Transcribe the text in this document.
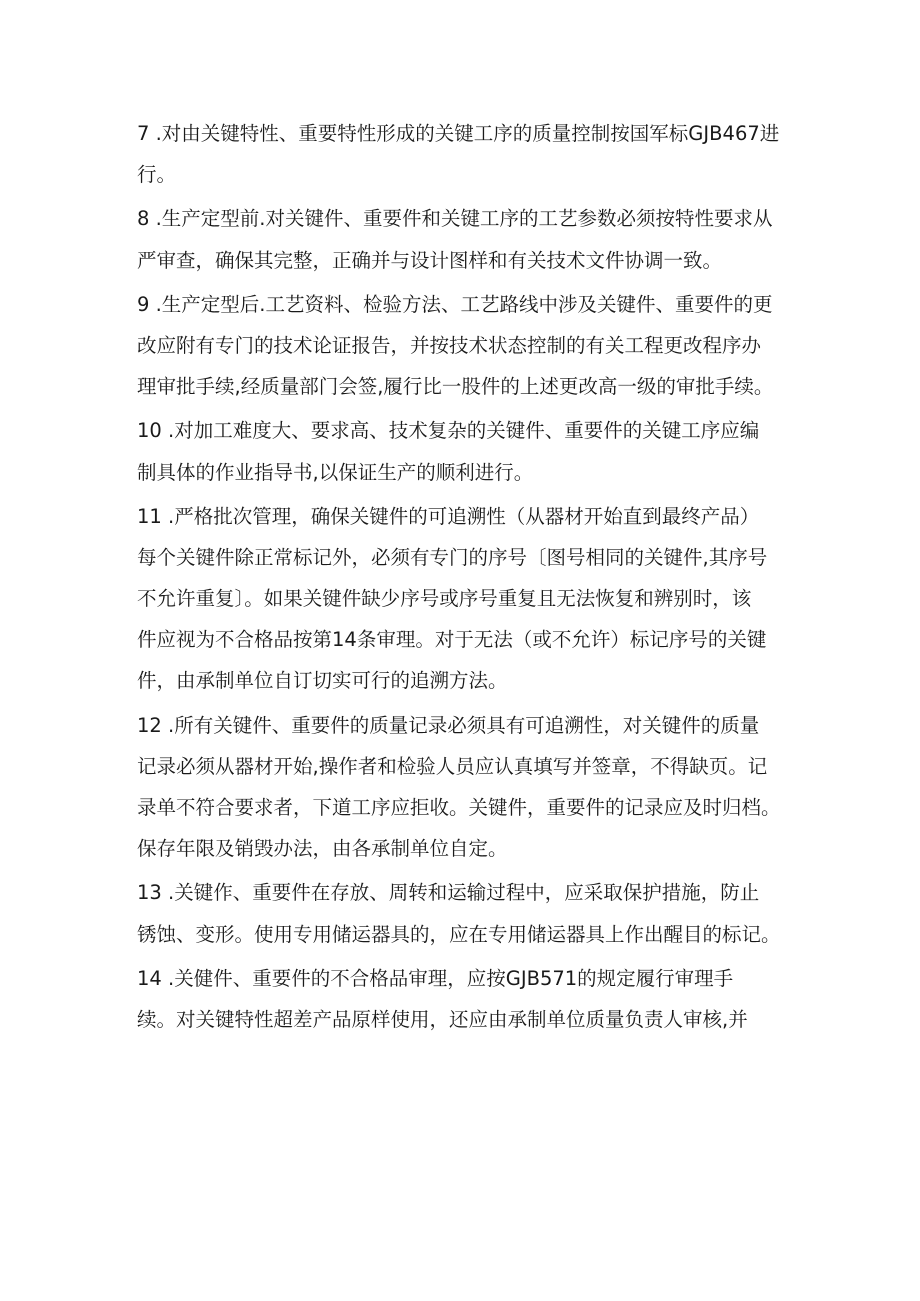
7 .对由关键特性、重要特性形成的关键工序的质量控制按国军标GJB467进
行。
8 .生产定型前.对关键件、重要件和关键工序的工艺参数必须按特性要求从
严审查，确保其完整，正确并与设计图样和有关技术文件协调一致。
9 .生产定型后.工艺资料、检验方法、工艺路线中涉及关键件、重要件的更
改应附有专门的技术论证报告，并按技术状态控制的有关工程更改程序办
理审批手续,经质量部门会签,履行比一股件的上述更改高一级的审批手续。
10 .对加工难度大、要求高、技术复杂的关键件、重要件的关键工序应编
制具体的作业指导书,以保证生产的顺利进行。
11 .严格批次管理，确保关键件的可追溯性（从器材开始直到最终产品）
每个关键件除正常标记外，必须有专门的序号〔图号相同的关键件,其序号
不允许重复〕。如果关键件缺少序号或序号重复且无法恢复和辨别时，该
件应视为不合格品按第14条审理。对于无法（或不允许）标记序号的关键
件，由承制单位自订切实可行的追溯方法。
12 .所有关键件、重要件的质量记录必须具有可追溯性，对关键件的质量
记录必须从器材开始,操作者和检验人员应认真填写并签章，不得缺页。记
录单不符合要求者，下道工序应拒收。关键件，重要件的记录应及时归档。
保存年限及销毁办法，由各承制单位自定。
13 .关键作、重要件在存放、周转和运输过程中，应采取保护措施，防止
锈蚀、变形。使用专用储运器具的，应在专用储运器具上作出醒目的标记。
14 .关健件、重要件的不合格品审理，应按GJB571的规定履行审理手
续。对关键特性超差产品原样使用，还应由承制单位质量负责人审核,并
